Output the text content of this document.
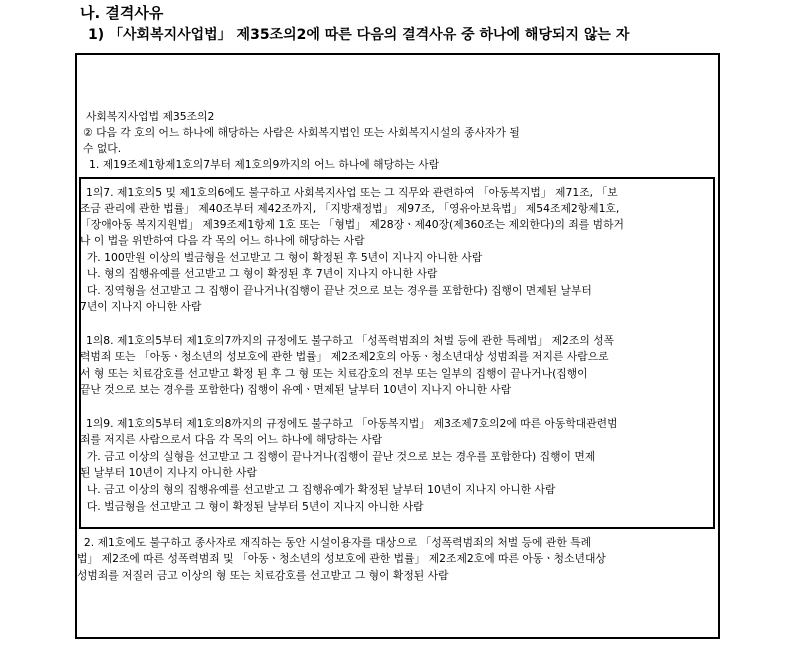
나. 결격사유
1) 「사회복지사업법」 제35조의2에 따른 다음의 결격사유 중 하나에 해당되지 않는 자
사회복지사업법 제35조의2
② 다음 각 호의 어느 하나에 해당하는 사람은 사회복지법인 또는 사회복지시설의 종사자가 될
수 없다.
1. 제19조제1항제1호의7부터 제1호의9까지의 어느 하나에 해당하는 사람
1의7. 제1호의5 및 제1호의6에도 불구하고 사회복지사업 또는 그 직무와 관련하여 「아동복지법」 제71조, 「보
조금 관리에 관한 법률」 제40조부터 제42조까지, 「지방재정법」 제97조, 「영유아보육법」 제54조제2항제1호,
「장애아동 복지지원법」 제39조제1항제 1호 또는 「형법」 제28장ㆍ제40장(제360조는 제외한다)의 죄를 범하거
나 이 법을 위반하여 다음 각 목의 어느 하나에 해당하는 사람
가. 100만원 이상의 벌금형을 선고받고 그 형이 확정된 후 5년이 지나지 아니한 사람
나. 형의 집행유예를 선고받고 그 형이 확정된 후 7년이 지나지 아니한 사람
다. 징역형을 선고받고 그 집행이 끝나거나(집행이 끝난 것으로 보는 경우를 포함한다) 집행이 면제된 날부터
7년이 지나지 아니한 사람
1의8. 제1호의5부터 제1호의7까지의 규정에도 불구하고 「성폭력범죄의 처벌 등에 관한 특례법」 제2조의 성폭
력범죄 또는 「아동ㆍ청소년의 성보호에 관한 법률」 제2조제2호의 아동ㆍ청소년대상 성범죄를 저지른 사람으로
서 형 또는 치료감호를 선고받고 확정 된 후 그 형 또는 치료감호의 전부 또는 일부의 집행이 끝나거나(집행이
끝난 것으로 보는 경우를 포함한다) 집행이 유예ㆍ면제된 날부터 10년이 지나지 아니한 사람
1의9. 제1호의5부터 제1호의8까지의 규정에도 불구하고 「아동복지법」 제3조제7호의2에 따른 아동학대관련범
죄를 저지른 사람으로서 다음 각 목의 어느 하나에 해당하는 사람
가. 금고 이상의 실형을 선고받고 그 집행이 끝나거나(집행이 끝난 것으로 보는 경우를 포함한다) 집행이 면제
된 날부터 10년이 지나지 아니한 사람
나. 금고 이상의 형의 집행유예를 선고받고 그 집행유예가 확정된 날부터 10년이 지나지 아니한 사람
다. 벌금형을 선고받고 그 형이 확정된 날부터 5년이 지나지 아니한 사람
2. 제1호에도 불구하고 종사자로 재직하는 동안 시설이용자를 대상으로 「성폭력범죄의 처벌 등에 관한 특례
법」 제2조에 따른 성폭력범죄 및 「아동ㆍ청소년의 성보호에 관한 법률」 제2조제2호에 따른 아동ㆍ청소년대상
성범죄를 저질러 금고 이상의 형 또는 치료감호를 선고받고 그 형이 확정된 사람
